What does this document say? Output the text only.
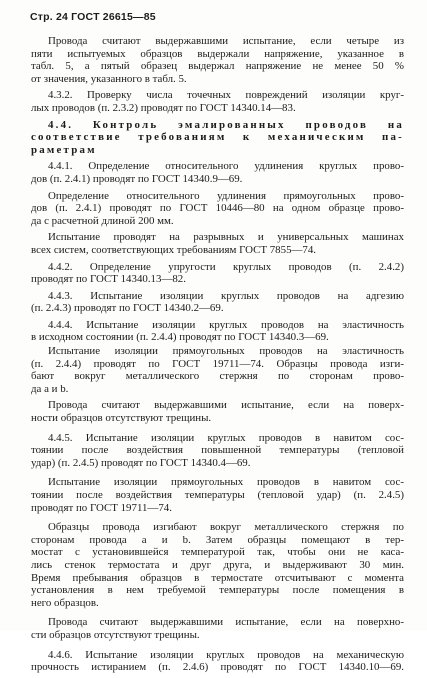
Стр. 24 ГОСТ 26615—85
Провода считают выдержавшими испытание, если четыре из
пяти испытуемых образцов выдержали напряжение, указанное в
табл. 5, а пятый образец выдержал напряжение не менее 50 %
от значения, указанного в табл. 5.
4.3.2. Проверку числа точечных повреждений изоляции круг-
лых проводов (п. 2.3.2) проводят по ГОСТ 14340.14—83.
4.4. Контроль эмалированных проводов на
соответствие требованиям к механическим па-
раметрам
4.4.1. Определение относительного удлинения круглых прово-
дов (п. 2.4.1) проводят по ГОСТ 14340.9—69.
Определение относительного удлинения прямоугольных прово-
дов (п. 2.4.1) проводят по ГОСТ 10446—80 на одном образце прово-
да с расчетной длиной 200 мм.
Испытание проводят на разрывных и универсальных машинах
всех систем, соответствующих требованиям ГОСТ 7855—74.
4.4.2. Определение упругости круглых проводов (п. 2.4.2)
проводят по ГОСТ 14340.13—82.
4.4.3. Испытание изоляции круглых проводов на адгезию
(п. 2.4.3) проводят по ГОСТ 14340.2—69.
4.4.4. Испытание изоляции круглых проводов на эластичность
в исходном состоянии (п. 2.4.4) проводят по ГОСТ 14340.3—69.
Испытание изоляции прямоугольных проводов на эластичность
(п. 2.4.4) проводят по ГОСТ 19711—74. Образцы провода изги-
бают вокруг металлического стержня по сторонам прово-
да а и b.
Провода считают выдержавшими испытание, если на поверх-
ности образцов отсутствуют трещины.
4.4.5. Испытание изоляции круглых проводов в навитом сос-
тоянии после воздействия повышенной температуры (тепловой
удар) (п. 2.4.5) проводят по ГОСТ 14340.4—69.
Испытание изоляции прямоугольных проводов в навитом сос-
тоянии после воздействия температуры (тепловой удар) (п. 2.4.5)
проводят по ГОСТ 19711—74.
Образцы провода изгибают вокруг металлического стержня по
сторонам провода а и b. Затем образцы помещают в тер-
мостат с установившейся температурой так, чтобы они не каса-
лись стенок термостата и друг друга, и выдерживают 30 мин.
Время пребывания образцов в термостате отсчитывают с момента
установления в нем требуемой температуры после помещения в
него образцов.
Провода считают выдержавшими испытание, если на поверхно-
сти образцов отсутствуют трещины.
4.4.6. Испытание изоляции круглых проводов на механическую
прочность истиранием (п. 2.4.6) проводят по ГОСТ 14340.10—69.
